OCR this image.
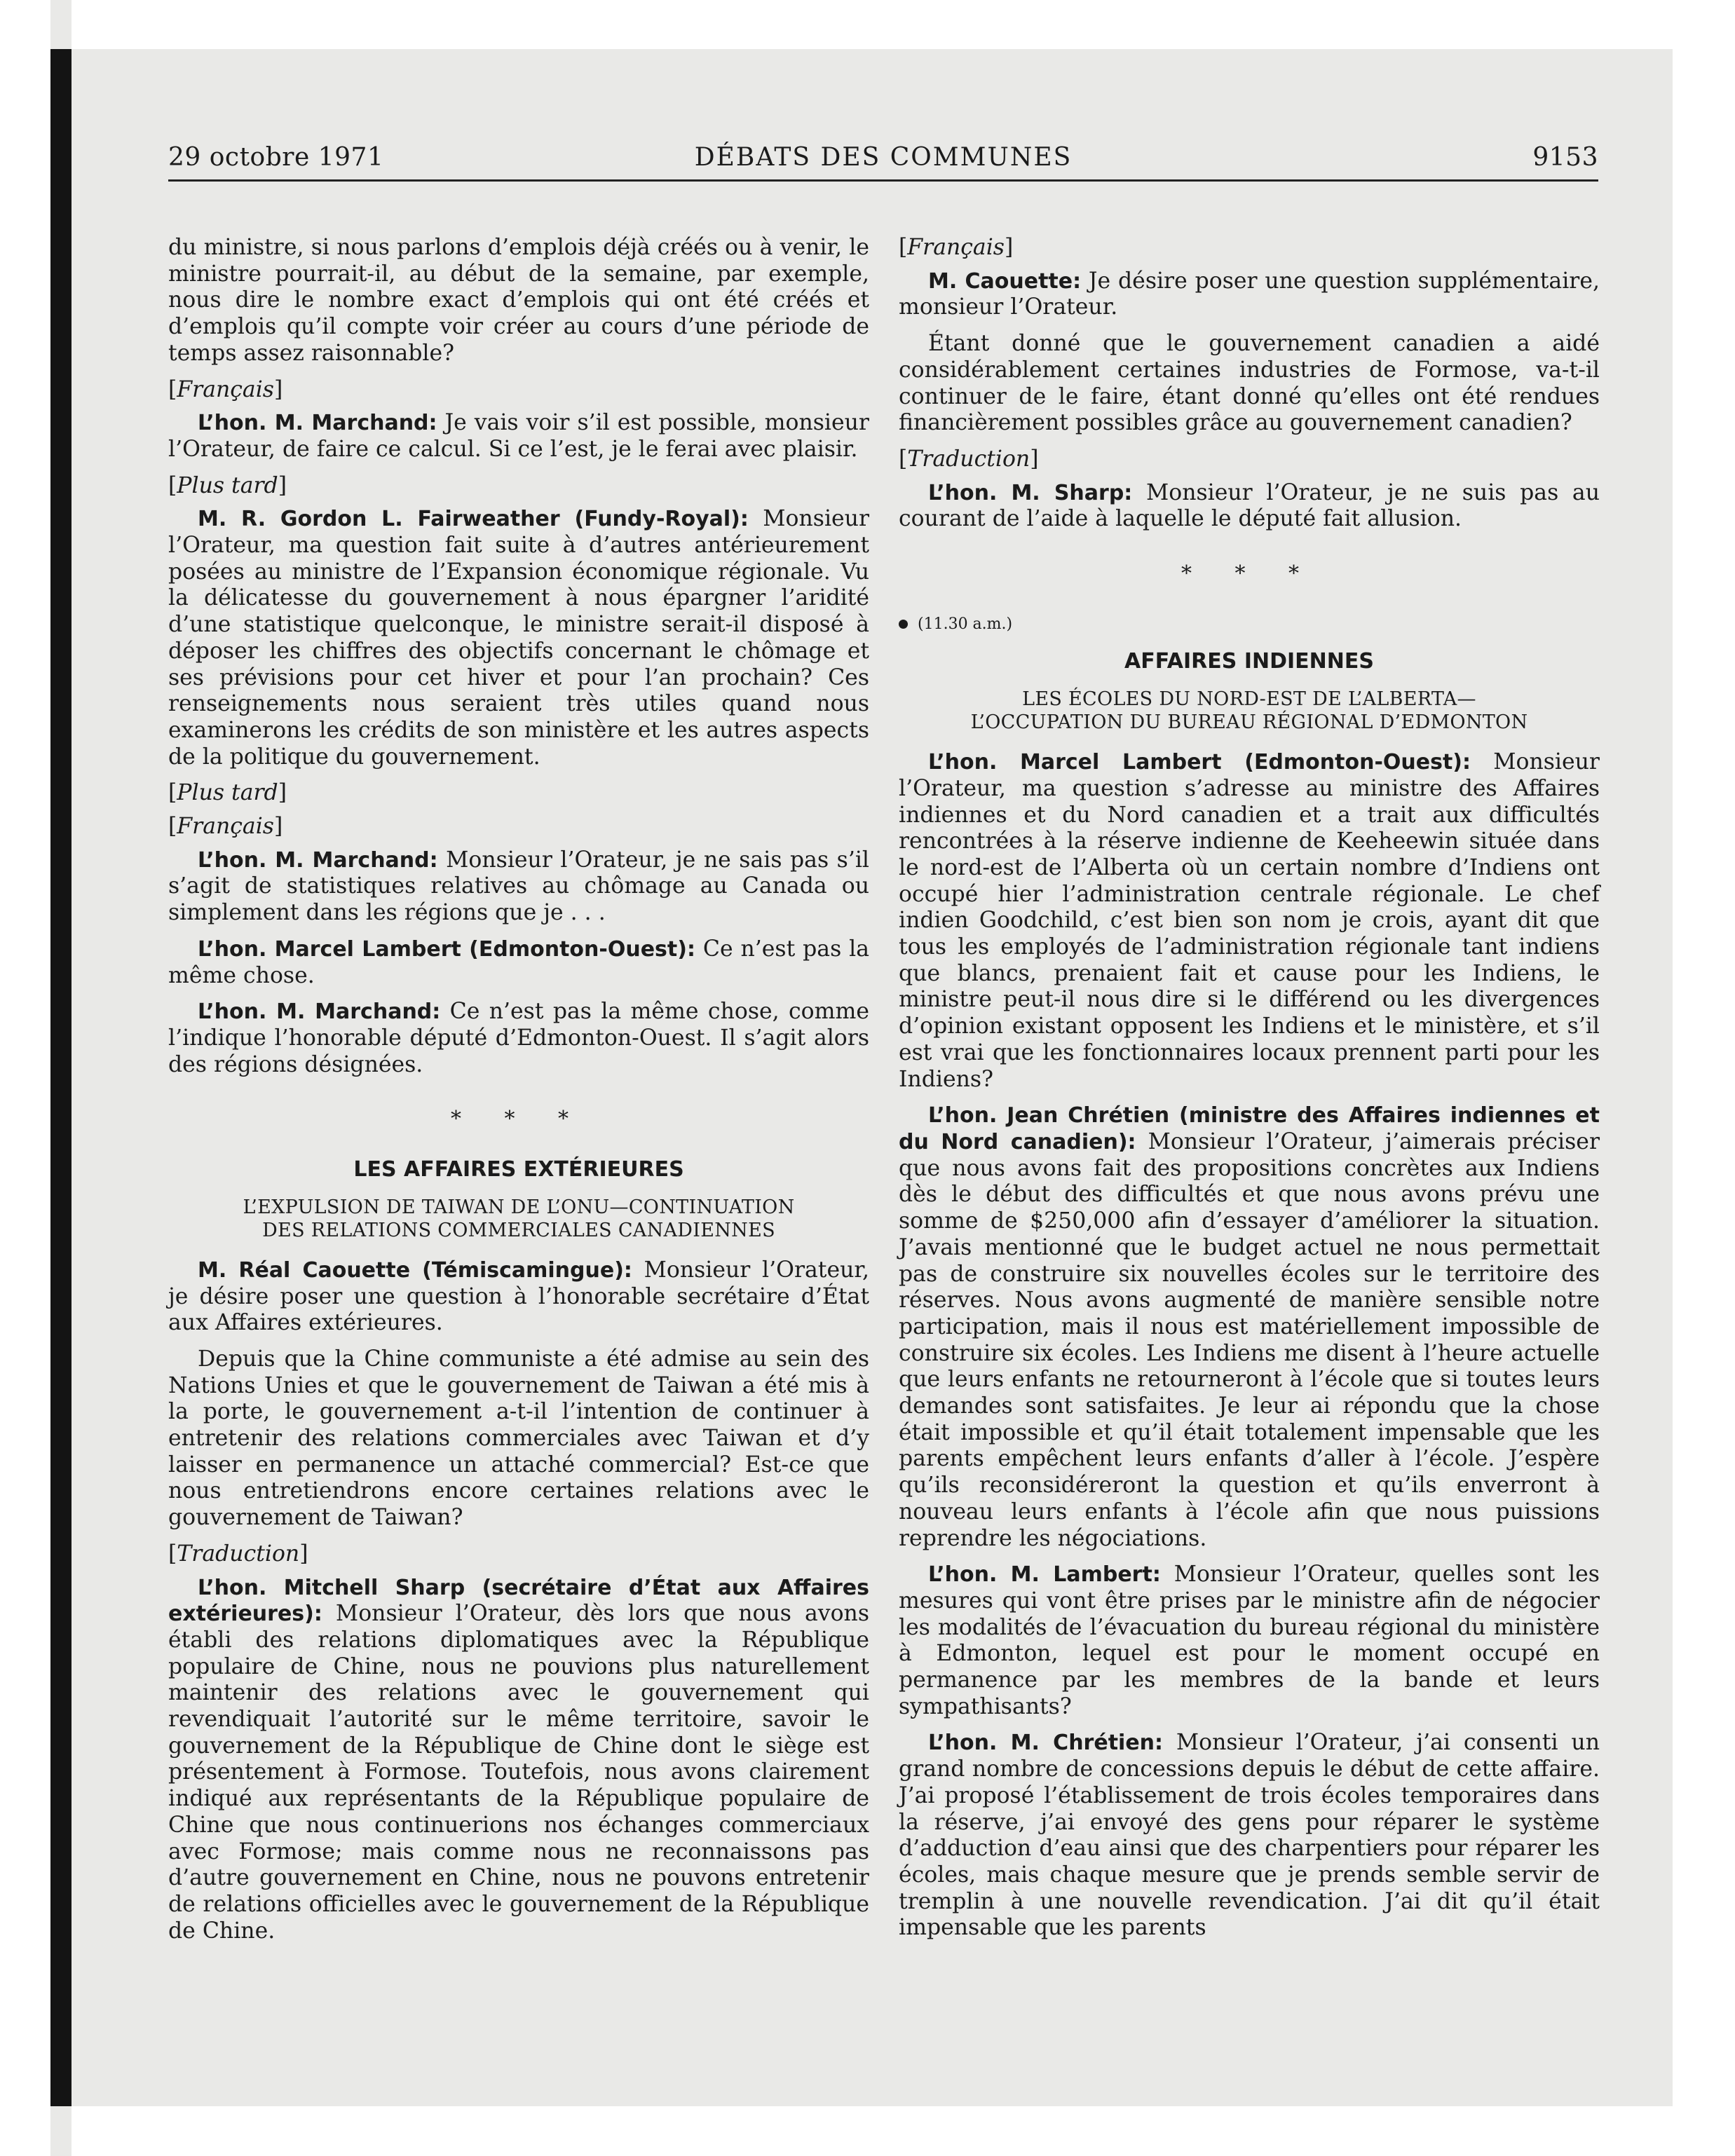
29 octobre 1971	DÉBATS DES COMMUNES	9153

du ministre, si nous parlons d’emplois déjà créés ou à venir, le ministre pourrait-il, au début de la semaine, par exemple, nous dire le nombre exact d’emplois qui ont été créés et d’emplois qu’il compte voir créer au cours d’une période de temps assez raisonnable?

[Français]

L’hon. M. Marchand: Je vais voir s’il est possible, monsieur l’Orateur, de faire ce calcul. Si ce l’est, je le ferai avec plaisir.

[Plus tard]

M. R. Gordon L. Fairweather (Fundy-Royal): Monsieur l’Orateur, ma question fait suite à d’autres antérieurement posées au ministre de l’Expansion économique régionale. Vu la délicatesse du gouvernement à nous épargner l’aridité d’une statistique quelconque, le ministre serait-il disposé à déposer les chiffres des objectifs concernant le chômage et ses prévisions pour cet hiver et pour l’an prochain? Ces renseignements nous seraient très utiles quand nous examinerons les crédits de son ministère et les autres aspects de la politique du gouvernement.

[Plus tard]
[Français]

L’hon. M. Marchand: Monsieur l’Orateur, je ne sais pas s’il s’agit de statistiques relatives au chômage au Canada ou simplement dans les régions que je . . .

L’hon. Marcel Lambert (Edmonton-Ouest): Ce n’est pas la même chose.

L’hon. M. Marchand: Ce n’est pas la même chose, comme l’indique l’honorable député d’Edmonton-Ouest. Il s’agit alors des régions désignées.

* * *
LES AFFAIRES EXTÉRIEURES
L’EXPULSION DE TAIWAN DE L’ONU—CONTINUATION
DES RELATIONS COMMERCIALES CANADIENNES

M. Réal Caouette (Témiscamingue): Monsieur l’Orateur, je désire poser une question à l’honorable secrétaire d’État aux Affaires extérieures.

Depuis que la Chine communiste a été admise au sein des Nations Unies et que le gouvernement de Taiwan a été mis à la porte, le gouvernement a-t-il l’intention de continuer à entretenir des relations commerciales avec Taiwan et d’y laisser en permanence un attaché commercial? Est-ce que nous entretiendrons encore certaines relations avec le gouvernement de Taiwan?

[Traduction]

L’hon. Mitchell Sharp (secrétaire d’État aux Affaires extérieures): Monsieur l’Orateur, dès lors que nous avons établi des relations diplomatiques avec la République populaire de Chine, nous ne pouvions plus naturellement maintenir des relations avec le gouvernement qui revendiquait l’autorité sur le même territoire, savoir le gouvernement de la République de Chine dont le siège est présentement à Formose. Toutefois, nous avons clairement indiqué aux représentants de la République populaire de Chine que nous continuerions nos échanges commerciaux avec Formose; mais comme nous ne reconnaissons pas d’autre gouvernement en Chine, nous ne pouvons entretenir de relations officielles avec le gouvernement de la République de Chine.

[Français]

M. Caouette: Je désire poser une question supplémentaire, monsieur l’Orateur.

Étant donné que le gouvernement canadien a aidé considérablement certaines industries de Formose, va-t-il continuer de le faire, étant donné qu’elles ont été rendues financièrement possibles grâce au gouvernement canadien?

[Traduction]

L’hon. M. Sharp: Monsieur l’Orateur, je ne suis pas au courant de l’aide à laquelle le député fait allusion.

* * *
(11.30 a.m.)
AFFAIRES INDIENNES
LES ÉCOLES DU NORD-EST DE L’ALBERTA—
L’OCCUPATION DU BUREAU RÉGIONAL D’EDMONTON

L’hon. Marcel Lambert (Edmonton-Ouest): Monsieur l’Orateur, ma question s’adresse au ministre des Affaires indiennes et du Nord canadien et a trait aux difficultés rencontrées à la réserve indienne de Keeheewin située dans le nord-est de l’Alberta où un certain nombre d’Indiens ont occupé hier l’administration centrale régionale. Le chef indien Goodchild, c’est bien son nom je crois, ayant dit que tous les employés de l’administration régionale tant indiens que blancs, prenaient fait et cause pour les Indiens, le ministre peut-il nous dire si le différend ou les divergences d’opinion existant opposent les Indiens et le ministère, et s’il est vrai que les fonctionnaires locaux prennent parti pour les Indiens?

L’hon. Jean Chrétien (ministre des Affaires indiennes et du Nord canadien): Monsieur l’Orateur, j’aimerais préciser que nous avons fait des propositions concrètes aux Indiens dès le début des difficultés et que nous avons prévu une somme de $250,000 afin d’essayer d’améliorer la situation. J’avais mentionné que le budget actuel ne nous permettait pas de construire six nouvelles écoles sur le territoire des réserves. Nous avons augmenté de manière sensible notre participation, mais il nous est matériellement impossible de construire six écoles. Les Indiens me disent à l’heure actuelle que leurs enfants ne retourneront à l’école que si toutes leurs demandes sont satisfaites. Je leur ai répondu que la chose était impossible et qu’il était totalement impensable que les parents empêchent leurs enfants d’aller à l’école. J’espère qu’ils reconsidéreront la question et qu’ils enverront à nouveau leurs enfants à l’école afin que nous puissions reprendre les négociations.

L’hon. M. Lambert: Monsieur l’Orateur, quelles sont les mesures qui vont être prises par le ministre afin de négocier les modalités de l’évacuation du bureau régional du ministère à Edmonton, lequel est pour le moment occupé en permanence par les membres de la bande et leurs sympathisants?

L’hon. M. Chrétien: Monsieur l’Orateur, j’ai consenti un grand nombre de concessions depuis le début de cette affaire. J’ai proposé l’établissement de trois écoles temporaires dans la réserve, j’ai envoyé des gens pour réparer le système d’adduction d’eau ainsi que des charpentiers pour réparer les écoles, mais chaque mesure que je prends semble servir de tremplin à une nouvelle revendication. J’ai dit qu’il était impensable que les parents
